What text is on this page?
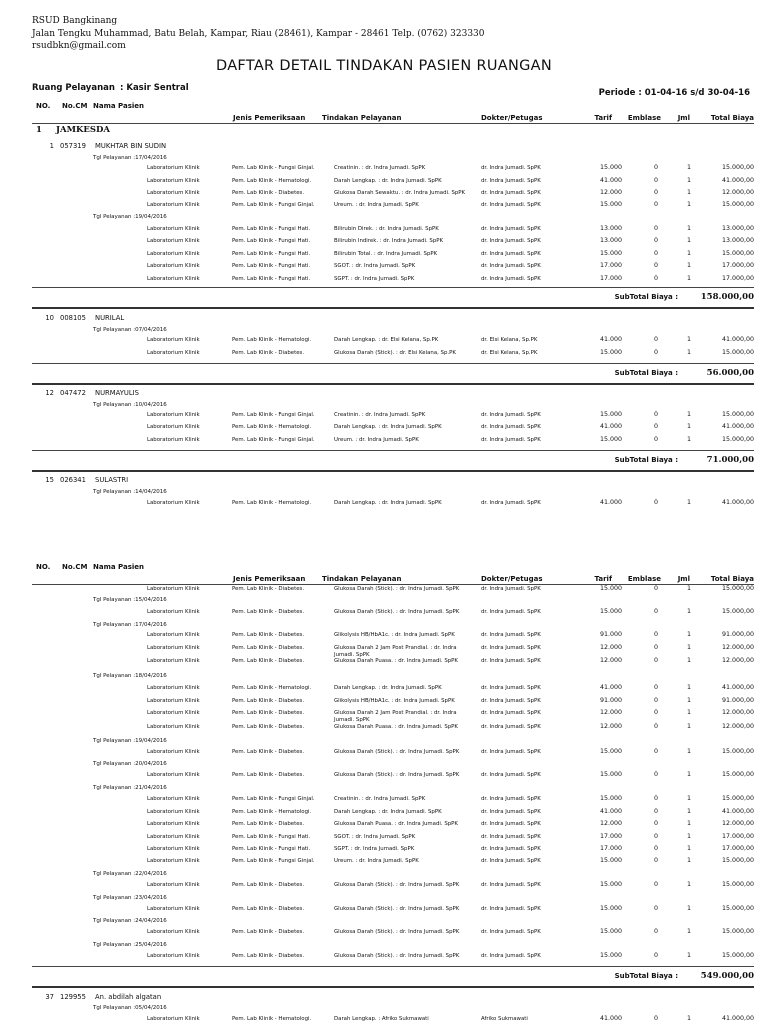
RSUD Bangkinang
Jalan Tengku Muhammad, Batu Belah, Kampar, Riau (28461), Kampar - 28461 Telp. (0762) 323330
rsudbkn@gmail.com
DAFTAR DETAIL TINDAKAN PASIEN RUANGAN
Ruang Pelayanan : Kasir Sentral	Periode : 01-04-16 s/d 30-04-16
NO. No.CM Nama Pasien
Jenis Pemeriksaan Tindakan Pelayanan	Dokter/Petugas	Tarif Emblase Jml	Total Biaya
1 JAMKESDA
NO. No.CM Nama Pasien
Jenis Pemeriksaan Tindakan Pelayanan	Dokter/Petugas	Tarif Emblase Jml	Total Biaya
1 057319 MUKHTAR BIN SUDIN
Tgl Pelayanan :17/04/2016
Laboratorium Klinik	Pem. Lab Klinik - Fungsi Ginjal.	Creatinin. : dr. Indra Jumadi. SpPK	dr. Indra Jumadi. SpPK	15.000	0	1	15.000,00
Laboratorium Klinik	Pem. Lab Klinik - Hematologi.	Darah Lengkap. : dr. Indra Jumadi. SpPK	dr. Indra Jumadi. SpPK	41.000	0	1	41.000,00
Laboratorium Klinik	Pem. Lab Klinik - Diabetes.	Glukosa Darah Sewaktu. : dr. Indra Jumadi. SpPK	dr. Indra Jumadi. SpPK	12.000	0	1	12.000,00
Laboratorium Klinik	Pem. Lab Klinik - Fungsi Ginjal.	Ureum. : dr. Indra Jumadi. SpPK	dr. Indra Jumadi. SpPK	15.000	0	1	15.000,00
Tgl Pelayanan :19/04/2016
Laboratorium Klinik	Pem. Lab Klinik - Fungsi Hati.	Bilirubin Direk. : dr. Indra Jumadi. SpPK	dr. Indra Jumadi. SpPK	13.000	0	1	13.000,00
Laboratorium Klinik	Pem. Lab Klinik - Fungsi Hati.	Bilirubin Indirek. : dr. Indra Jumadi. SpPK	dr. Indra Jumadi. SpPK	13.000	0	1	13.000,00
Laboratorium Klinik	Pem. Lab Klinik - Fungsi Hati.	Bilirubin Total. : dr. Indra Jumadi. SpPK	dr. Indra Jumadi. SpPK	15.000	0	1	15.000,00
Laboratorium Klinik	Pem. Lab Klinik - Fungsi Hati.	SGOT. : dr. Indra Jumadi. SpPK	dr. Indra Jumadi. SpPK	17.000	0	1	17.000,00
Laboratorium Klinik	Pem. Lab Klinik - Fungsi Hati.	SGPT. : dr. Indra Jumadi. SpPK	dr. Indra Jumadi. SpPK	17.000	0	1	17.000,00
SubTotal Biaya :	158.000,00
10 008105 NURILAL
Tgl Pelayanan :07/04/2016
Laboratorium Klinik	Pem. Lab Klinik - Hematologi.	Darah Lengkap. : dr. Elsi Kelana, Sp.PK	dr. Elsi Kelana, Sp.PK	41.000	0	1	41.000,00
Laboratorium Klinik	Pem. Lab Klinik - Diabetes.	Glukosa Darah (Stick). : dr. Elsi Kelana, Sp.PK	dr. Elsi Kelana, Sp.PK	15.000	0	1	15.000,00
SubTotal Biaya :	56.000,00
12 047472 NURMAYULIS
Tgl Pelayanan :10/04/2016
Laboratorium Klinik	Pem. Lab Klinik - Fungsi Ginjal.	Creatinin. : dr. Indra Jumadi. SpPK	dr. Indra Jumadi. SpPK	15.000	0	1	15.000,00
Laboratorium Klinik	Pem. Lab Klinik - Hematologi.	Darah Lengkap. : dr. Indra Jumadi. SpPK	dr. Indra Jumadi. SpPK	41.000	0	1	41.000,00
Laboratorium Klinik	Pem. Lab Klinik - Fungsi Ginjal.	Ureum. : dr. Indra Jumadi. SpPK	dr. Indra Jumadi. SpPK	15.000	0	1	15.000,00
SubTotal Biaya :	71.000,00
15 026341 SULASTRI
Tgl Pelayanan :14/04/2016
Laboratorium Klinik	Pem. Lab Klinik - Hematologi.	Darah Lengkap. : dr. Indra Jumadi. SpPK	dr. Indra Jumadi. SpPK	41.000	0	1	41.000,00
Laboratorium Klinik	Pem. Lab Klinik - Diabetes.	Glukosa Darah (Stick). : dr. Indra Jumadi. SpPK	dr. Indra Jumadi. SpPK	15.000	0	1	15.000,00
Tgl Pelayanan :15/04/2016
Laboratorium Klinik	Pem. Lab Klinik - Diabetes.	Glukosa Darah (Stick). : dr. Indra Jumadi. SpPK	dr. Indra Jumadi. SpPK	15.000	0	1	15.000,00
Tgl Pelayanan :17/04/2016
Laboratorium Klinik	Pem. Lab Klinik - Diabetes.	Glikolysis HB/HbA1c. : dr. Indra Jumadi. SpPK	dr. Indra Jumadi. SpPK	91.000	0	1	91.000,00
Laboratorium Klinik	Pem. Lab Klinik - Diabetes.	Glukosa Darah 2 Jam Post Prandial. : dr. Indra Jumadi. SpPK
dr. Indra Jumadi. SpPK	12.000	0	1	12.000,00
Laboratorium Klinik	Pem. Lab Klinik - Diabetes.	Glukosa Darah Puasa. : dr. Indra Jumadi. SpPK	dr. Indra Jumadi. SpPK	12.000	0	1	12.000,00
Tgl Pelayanan :18/04/2016
Laboratorium Klinik	Pem. Lab Klinik - Hematologi.	Darah Lengkap. : dr. Indra Jumadi. SpPK	dr. Indra Jumadi. SpPK	41.000	0	1	41.000,00
Laboratorium Klinik	Pem. Lab Klinik - Diabetes.	Glikolysis HB/HbA1c. : dr. Indra Jumadi. SpPK	dr. Indra Jumadi. SpPK	91.000	0	1	91.000,00
Laboratorium Klinik	Pem. Lab Klinik - Diabetes.	Glukosa Darah 2 Jam Post Prandial. : dr. Indra Jumadi. SpPK
dr. Indra Jumadi. SpPK	12.000	0	1	12.000,00
Laboratorium Klinik	Pem. Lab Klinik - Diabetes.	Glukosa Darah Puasa. : dr. Indra Jumadi. SpPK	dr. Indra Jumadi. SpPK	12.000	0	1	12.000,00
Tgl Pelayanan :19/04/2016
Laboratorium Klinik	Pem. Lab Klinik - Diabetes.	Glukosa Darah (Stick). : dr. Indra Jumadi. SpPK	dr. Indra Jumadi. SpPK	15.000	0	1	15.000,00
Tgl Pelayanan :20/04/2016
Laboratorium Klinik	Pem. Lab Klinik - Diabetes.	Glukosa Darah (Stick). : dr. Indra Jumadi. SpPK	dr. Indra Jumadi. SpPK	15.000	0	1	15.000,00
Tgl Pelayanan :21/04/2016
Laboratorium Klinik	Pem. Lab Klinik - Fungsi Ginjal.	Creatinin. : dr. Indra Jumadi. SpPK	dr. Indra Jumadi. SpPK	15.000	0	1	15.000,00
Laboratorium Klinik	Pem. Lab Klinik - Hematologi.	Darah Lengkap. : dr. Indra Jumadi. SpPK	dr. Indra Jumadi. SpPK	41.000	0	1	41.000,00
Laboratorium Klinik	Pem. Lab Klinik - Diabetes.	Glukosa Darah Puasa. : dr. Indra Jumadi. SpPK	dr. Indra Jumadi. SpPK	12.000	0	1	12.000,00
Laboratorium Klinik	Pem. Lab Klinik - Fungsi Hati.	SGOT. : dr. Indra Jumadi. SpPK	dr. Indra Jumadi. SpPK	17.000	0	1	17.000,00
Laboratorium Klinik	Pem. Lab Klinik - Fungsi Hati.	SGPT. : dr. Indra Jumadi. SpPK	dr. Indra Jumadi. SpPK	17.000	0	1	17.000,00
Laboratorium Klinik	Pem. Lab Klinik - Fungsi Ginjal.	Ureum. : dr. Indra Jumadi. SpPK	dr. Indra Jumadi. SpPK	15.000	0	1	15.000,00
Tgl Pelayanan :22/04/2016
Laboratorium Klinik	Pem. Lab Klinik - Diabetes.	Glukosa Darah (Stick). : dr. Indra Jumadi. SpPK	dr. Indra Jumadi. SpPK	15.000	0	1	15.000,00
Tgl Pelayanan :23/04/2016
Laboratorium Klinik	Pem. Lab Klinik - Diabetes.	Glukosa Darah (Stick). : dr. Indra Jumadi. SpPK	dr. Indra Jumadi. SpPK	15.000	0	1	15.000,00
Tgl Pelayanan :24/04/2016
Laboratorium Klinik	Pem. Lab Klinik - Diabetes.	Glukosa Darah (Stick). : dr. Indra Jumadi. SpPK	dr. Indra Jumadi. SpPK	15.000	0	1	15.000,00
Tgl Pelayanan :25/04/2016
Laboratorium Klinik	Pem. Lab Klinik - Diabetes.	Glukosa Darah (Stick). : dr. Indra Jumadi. SpPK	dr. Indra Jumadi. SpPK	15.000	0	1	15.000,00
SubTotal Biaya :	549.000,00
37 129955 An. abdilah algatan
Tgl Pelayanan :05/04/2016
Laboratorium Klinik	Pem. Lab Klinik - Hematologi.	Darah Lengkap. : Afriko Sukmawati	Afriko Sukmawati	41.000	0	1	41.000,00
